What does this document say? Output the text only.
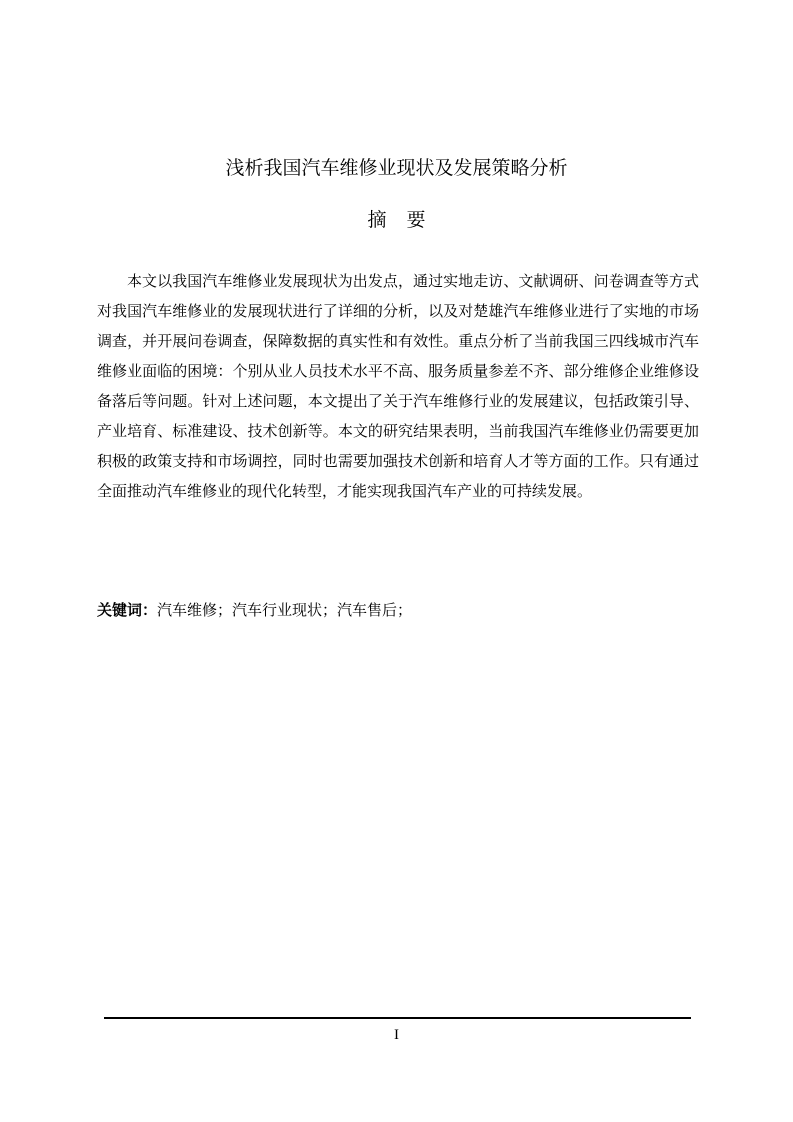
浅析我国汽车维修业现状及发展策略分析
摘要

本文以我国汽车维修业发展现状为出发点，通过实地走访、文献调研、问卷调查等方式对我国汽车维修业的发展现状进行了详细的分析，以及对楚雄汽车维修业进行了实地的市场调查，并开展问卷调查，保障数据的真实性和有效性。重点分析了当前我国三四线城市汽车维修业面临的困境：个别从业人员技术水平不高、服务质量参差不齐、部分维修企业维修设备落后等问题。针对上述问题，本文提出了关于汽车维修行业的发展建议，包括政策引导、产业培育、标准建设、技术创新等。本文的研究结果表明，当前我国汽车维修业仍需要更加积极的政策支持和市场调控，同时也需要加强技术创新和培育人才等方面的工作。只有通过全面推动汽车维修业的现代化转型，才能实现我国汽车产业的可持续发展。

关键词：汽车维修；汽车行业现状；汽车售后；

I
